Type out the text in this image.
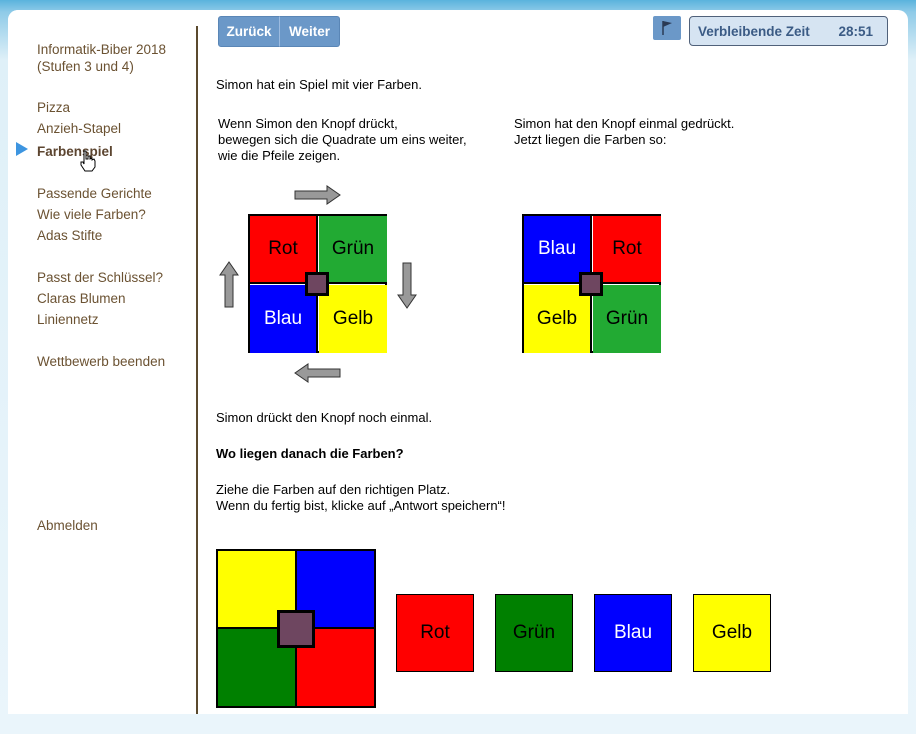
Informatik-Biber 2018
(Stufen 3 und 4)
Pizza
Anzieh-Stapel
Farbenspiel
Passende Gerichte
Wie viele Farben?
Adas Stifte
Passt der Schlüssel?
Claras Blumen
Liniennetz
Wettbewerb beenden
Abmelden
Zurück	Weiter	Verbleibende Zeit 28:51
Simon hat ein Spiel mit vier Farben.
Wenn Simon den Knopf drückt,
bewegen sich die Quadrate um eins weiter,
wie die Pfeile zeigen.
Simon hat den Knopf einmal gedrückt.
Jetzt liegen die Farben so:
Rot	Grün
Blau	Gelb
Blau	Rot
Gelb	Grün
Simon drückt den Knopf noch einmal.
Wo liegen danach die Farben?
Ziehe die Farben auf den richtigen Platz.
Wenn du fertig bist, klicke auf „Antwort speichern“!
Rot	Grün	Blau	Gelb
